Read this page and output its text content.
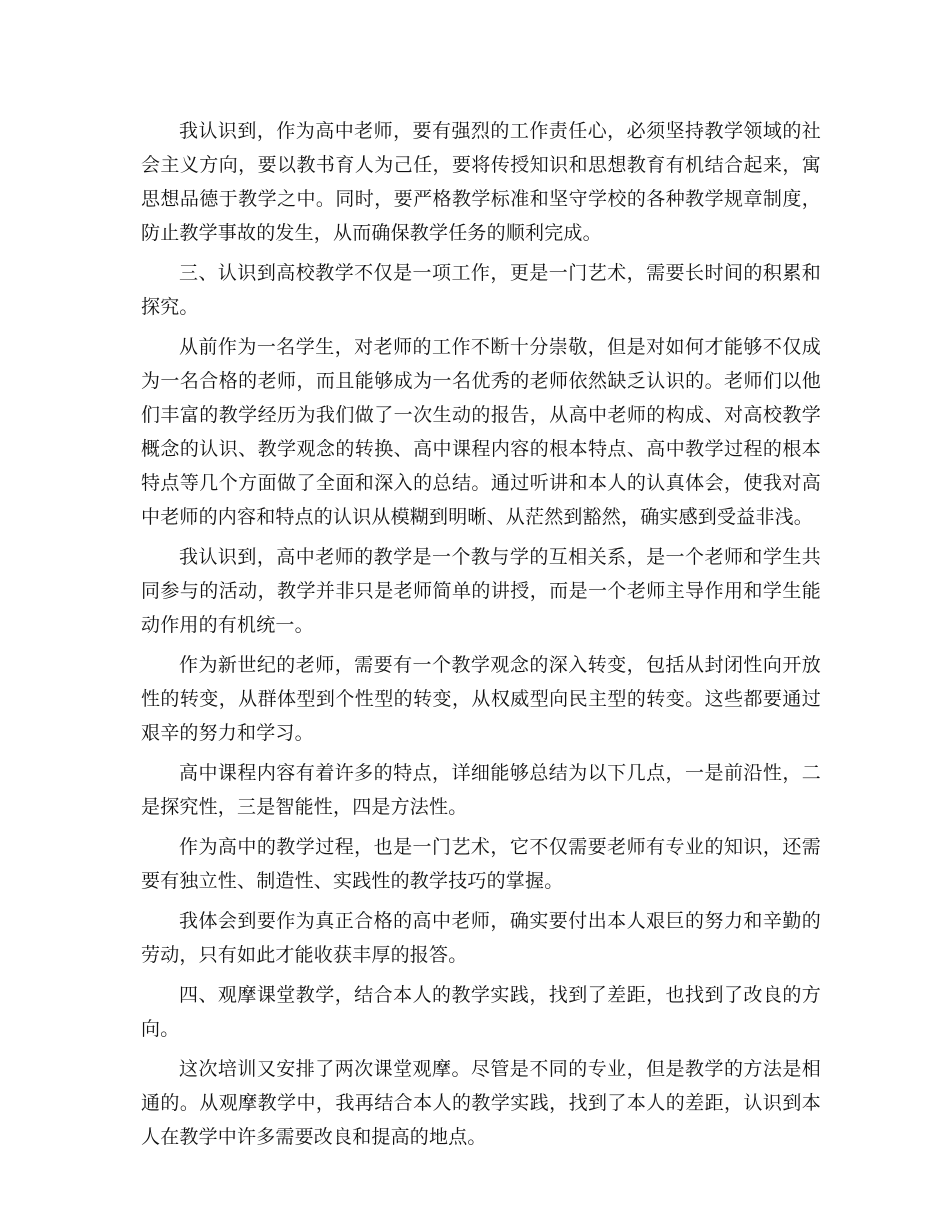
我认识到，作为高中老师，要有强烈的工作责任心，必须坚持教学领域的社会主义方向，要以教书育人为己任，要将传授知识和思想教育有机结合起来，寓思想品德于教学之中。同时，要严格教学标准和坚守学校的各种教学规章制度，防止教学事故的发生，从而确保教学任务的顺利完成。

三、认识到高校教学不仅是一项工作，更是一门艺术，需要长时间的积累和探究。

从前作为一名学生，对老师的工作不断十分崇敬，但是对如何才能够不仅成为一名合格的老师，而且能够成为一名优秀的老师依然缺乏认识的。老师们以他们丰富的教学经历为我们做了一次生动的报告，从高中老师的构成、对高校教学概念的认识、教学观念的转换、高中课程内容的根本特点、高中教学过程的根本特点等几个方面做了全面和深入的总结。通过听讲和本人的认真体会，使我对高中老师的内容和特点的认识从模糊到明晰、从茫然到豁然，确实感到受益非浅。

我认识到，高中老师的教学是一个教与学的互相关系，是一个老师和学生共同参与的活动，教学并非只是老师简单的讲授，而是一个老师主导作用和学生能动作用的有机统一。

作为新世纪的老师，需要有一个教学观念的深入转变，包括从封闭性向开放性的转变，从群体型到个性型的转变，从权威型向民主型的转变。这些都要通过艰辛的努力和学习。

高中课程内容有着许多的特点，详细能够总结为以下几点，一是前沿性，二是探究性，三是智能性，四是方法性。

作为高中的教学过程，也是一门艺术，它不仅需要老师有专业的知识，还需要有独立性、制造性、实践性的教学技巧的掌握。

我体会到要作为真正合格的高中老师，确实要付出本人艰巨的努力和辛勤的劳动，只有如此才能收获丰厚的报答。

四、观摩课堂教学，结合本人的教学实践，找到了差距，也找到了改良的方向。

这次培训又安排了两次课堂观摩。尽管是不同的专业，但是教学的方法是相通的。从观摩教学中，我再结合本人的教学实践，找到了本人的差距，认识到本人在教学中许多需要改良和提高的地点。
